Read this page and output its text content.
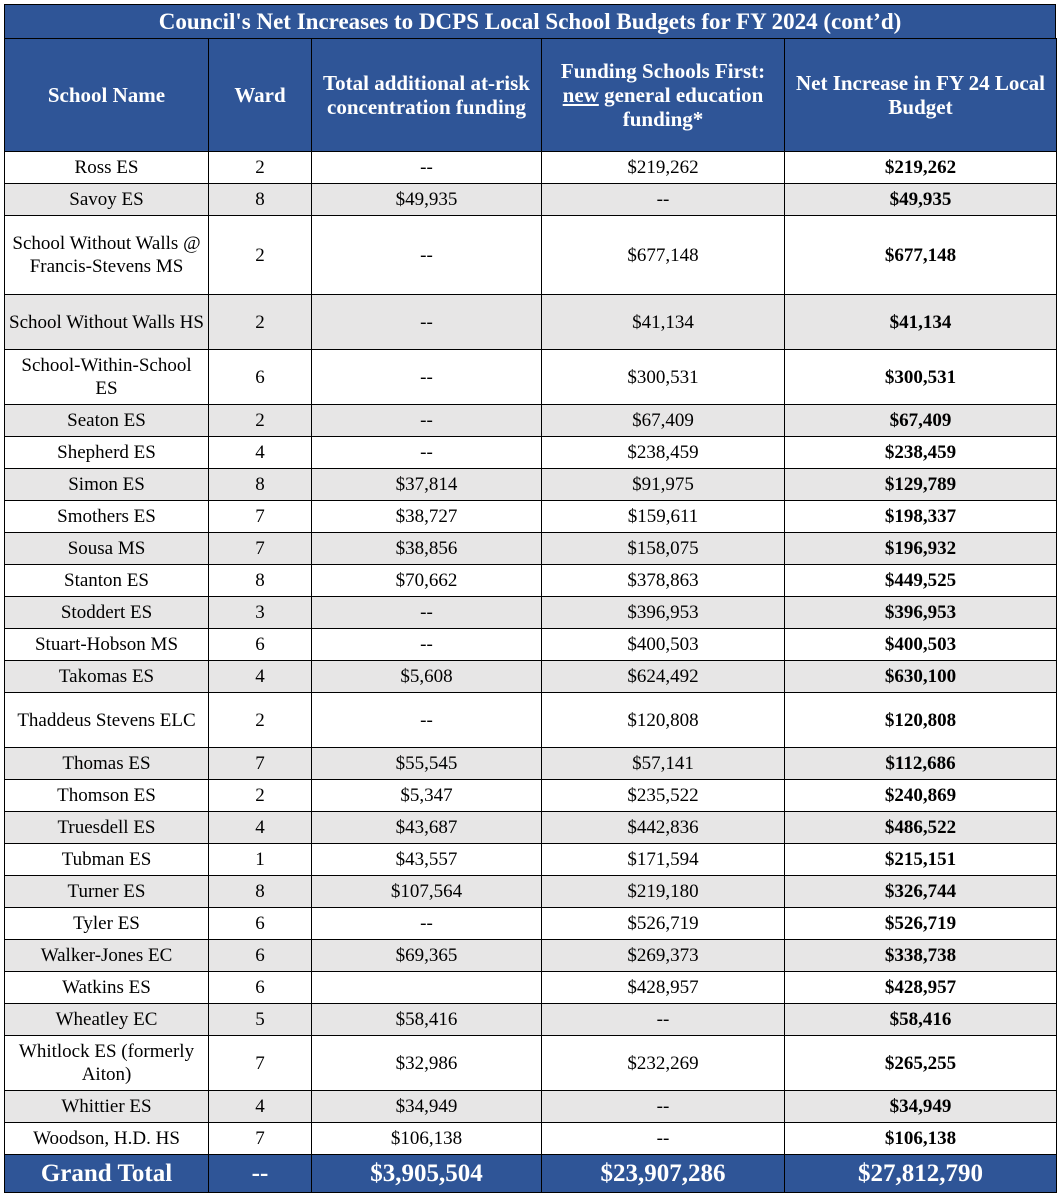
Council's Net Increases to DCPS Local School Budgets for FY 2024 (cont’d)
School Name	Ward	Total additional at-risk concentration funding	Funding Schools First: new general education funding*	Net Increase in FY 24 Local Budget
Ross ES	2	--	$219,262	$219,262
Savoy ES	8	$49,935	--	$49,935
School Without Walls @ Francis-Stevens MS	2	--	$677,148	$677,148
School Without Walls HS	2	--	$41,134	$41,134
School-Within-School ES	6	--	$300,531	$300,531
Seaton ES	2	--	$67,409	$67,409
Shepherd ES	4	--	$238,459	$238,459
Simon ES	8	$37,814	$91,975	$129,789
Smothers ES	7	$38,727	$159,611	$198,337
Sousa MS	7	$38,856	$158,075	$196,932
Stanton ES	8	$70,662	$378,863	$449,525
Stoddert ES	3	--	$396,953	$396,953
Stuart-Hobson MS	6	--	$400,503	$400,503
Takomas ES	4	$5,608	$624,492	$630,100
Thaddeus Stevens ELC	2	--	$120,808	$120,808
Thomas ES	7	$55,545	$57,141	$112,686
Thomson ES	2	$5,347	$235,522	$240,869
Truesdell ES	4	$43,687	$442,836	$486,522
Tubman ES	1	$43,557	$171,594	$215,151
Turner ES	8	$107,564	$219,180	$326,744
Tyler ES	6	--	$526,719	$526,719
Walker-Jones EC	6	$69,365	$269,373	$338,738
Watkins ES	6		$428,957	$428,957
Wheatley EC	5	$58,416	--	$58,416
Whitlock ES (formerly Aiton)	7	$32,986	$232,269	$265,255
Whittier ES	4	$34,949	--	$34,949
Woodson, H.D. HS	7	$106,138	--	$106,138
Grand Total	--	$3,905,504	$23,907,286	$27,812,790
